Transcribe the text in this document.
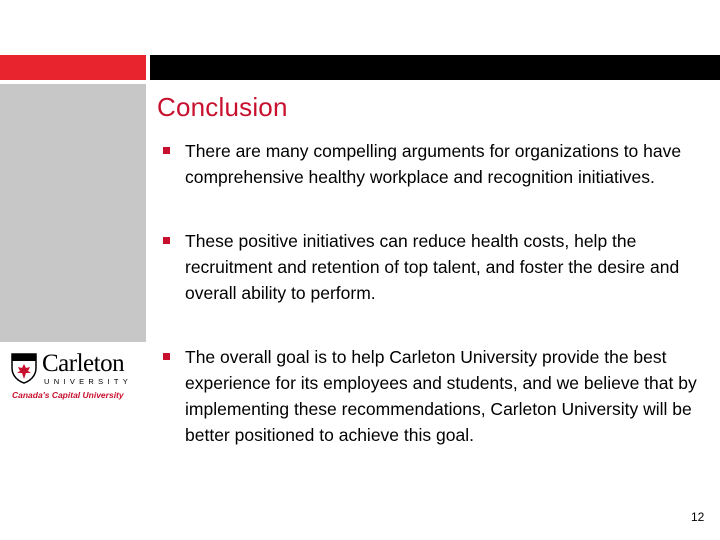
Conclusion
There are many compelling arguments for organizations to have comprehensive healthy workplace and recognition initiatives.
These positive initiatives can reduce health costs, help the recruitment and retention of top talent, and foster the desire and overall ability to perform.
The overall goal is to help Carleton University provide the best experience for its employees and students, and we believe that by implementing these recommendations, Carleton University will be better positioned to achieve this goal.
Carleton
UNIVERSITY
Canada's Capital University
12
